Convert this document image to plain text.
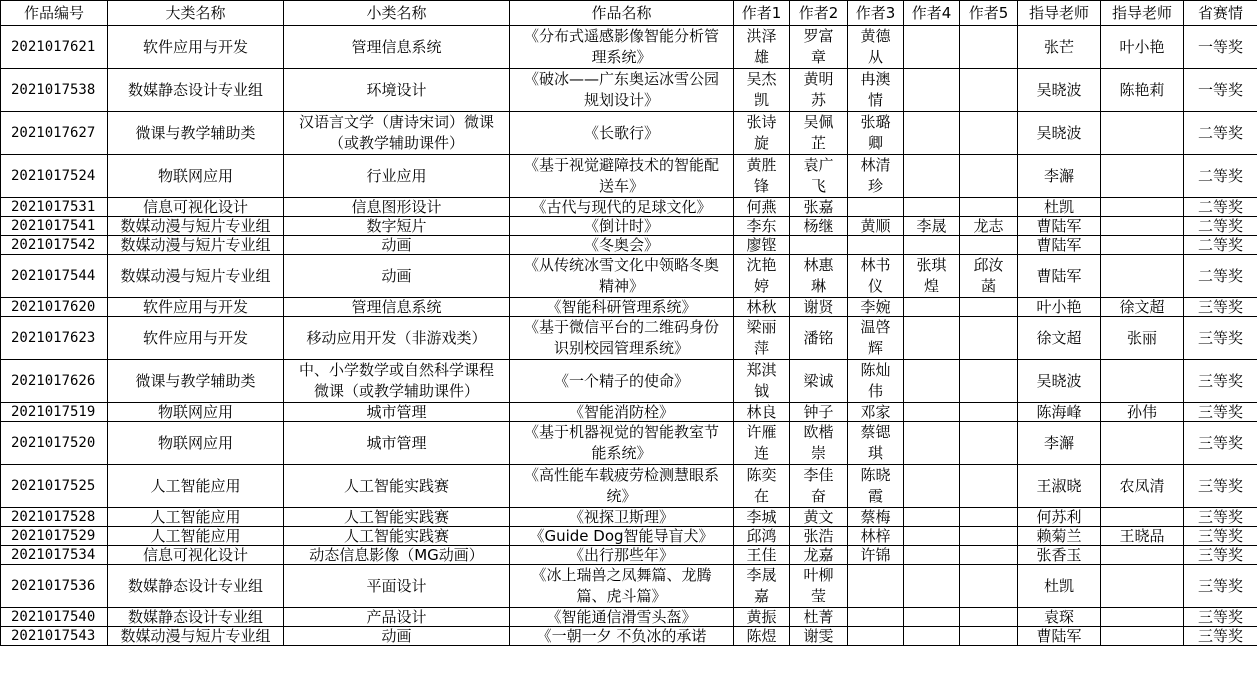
作品编号	大类名称	小类名称	作品名称	作者1	作者2	作者3	作者4	作者5	指导老师	指导老师	省赛情
2021017621	软件应用与开发	管理信息系统	《分布式遥感影像智能分析管理系统》	洪泽雄	罗富章	黄德从			张芒	叶小艳	一等奖
2021017538	数媒静态设计专业组	环境设计	《破冰——广东奥运冰雪公园规划设计》	吴杰凯	黄明苏	冉澳情			吴晓波	陈艳莉	一等奖
2021017627	微课与教学辅助类	汉语言文学（唐诗宋词）微课（或教学辅助课件）	《长歌行》	张诗旋	吴佩芷	张璐卿			吴晓波		二等奖
2021017524	物联网应用	行业应用	《基于视觉避障技术的智能配送车》	黄胜锋	袁广飞	林清珍			李澥		二等奖
2021017531	信息可视化设计	信息图形设计	《古代与现代的足球文化》	何燕	张嘉				杜凯		二等奖
2021017541	数媒动漫与短片专业组	数字短片	《倒计时》	李东	杨继	黄顺	李晟	龙志	曹陆军		二等奖
2021017542	数媒动漫与短片专业组	动画	《冬奥会》	廖铿					曹陆军		二等奖
2021017544	数媒动漫与短片专业组	动画	《从传统冰雪文化中领略冬奥精神》	沈艳婷	林惠琳	林书仪	张琪煌	邱汝菡	曹陆军		二等奖
2021017620	软件应用与开发	管理信息系统	《智能科研管理系统》	林秋	谢贤	李婉			叶小艳	徐文超	三等奖
2021017623	软件应用与开发	移动应用开发（非游戏类）	《基于微信平台的二维码身份识别校园管理系统》	梁丽萍	潘铭	温啓辉			徐文超	张丽	三等奖
2021017626	微课与教学辅助类	中、小学数学或自然科学课程微课（或教学辅助课件）	《一个精子的使命》	郑淇钺	梁诚	陈灿伟			吴晓波		三等奖
2021017519	物联网应用	城市管理	《智能消防栓》	林良	钟子	邓家			陈海峰	孙伟	三等奖
2021017520	物联网应用	城市管理	《基于机器视觉的智能教室节能系统》	许雁连	欧楷崇	蔡锶琪			李澥		三等奖
2021017525	人工智能应用	人工智能实践赛	《高性能车载疲劳检测慧眼系统》	陈奕在	李佳奋	陈晓霞			王淑晓	农凤清	三等奖
2021017528	人工智能应用	人工智能实践赛	《视探卫斯理》	李城	黄文	蔡梅			何苏利		三等奖
2021017529	人工智能应用	人工智能实践赛	《Guide Dog智能导盲犬》	邱鸿	张浩	林梓			赖菊兰	王晓品	三等奖
2021017534	信息可视化设计	动态信息影像（MG动画）	《出行那些年》	王佳	龙嘉	许锦			张香玉		三等奖
2021017536	数媒静态设计专业组	平面设计	《冰上瑞兽之凤舞篇、龙腾篇、虎斗篇》	李晟嘉	叶柳莹				杜凯		三等奖
2021017540	数媒静态设计专业组	产品设计	《智能通信滑雪头盔》	黄振	杜菁				袁琛		三等奖
2021017543	数媒动漫与短片专业组	动画	《一朝一夕 不负冰的承诺	陈煜	谢雯				曹陆军		三等奖
